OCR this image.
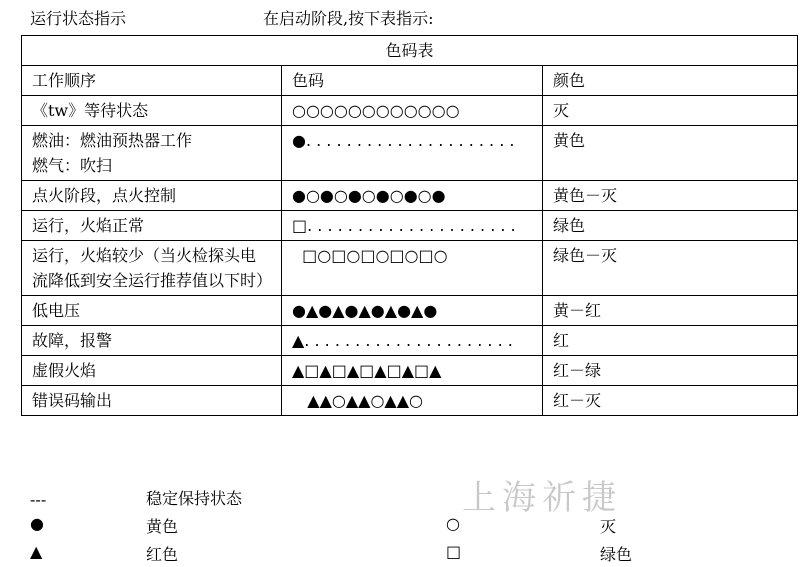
运行状态指示	在启动阶段,按下表指示:
色码表		
工作顺序	色码	颜色
《tw》等待状态	○○○○○○○○○○○○	灭
燃油：燃油预热器工作
燃气：吹扫	●. . . . . . . . . . . . . . . . . . . . .	黄色
点火阶段，点火控制	●○●○●○●○●○●	黄色－灭
运行，火焰正常	□. . . . . . . . . . . . . . . . . . . . .	绿色
运行，火焰较少（当火检探头电流降低到安全运行推荐值以下时）	□○□○□○□○□○	绿色－灭
低电压	●▲●▲●▲●▲●▲●	黄－红
故障，报警	▲. . . . . . . . . . . . . . . . . . . . .	红
虚假火焰	▲□▲□▲□▲□▲□▲	红－绿
错误码输出	▲▲○▲▲○▲▲○	红－灭
上海祈捷
---	稳定保持状态
●	黄色
▲	红色
○	灭
□	绿色
